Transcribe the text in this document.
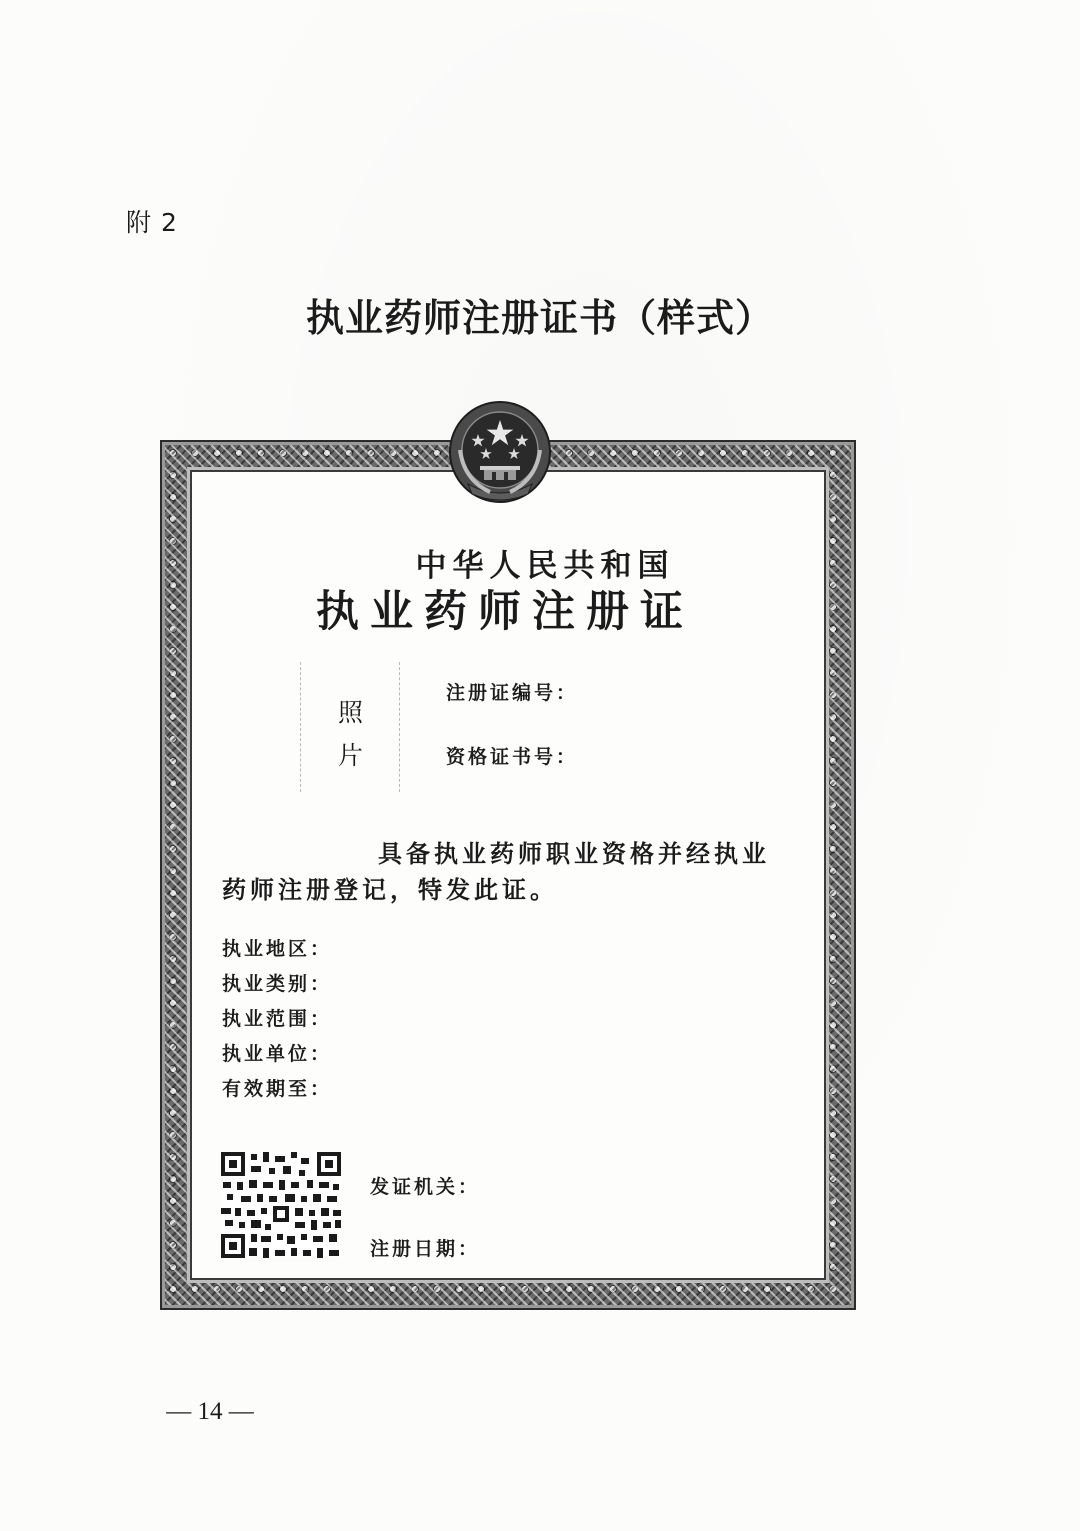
附 2
执业药师注册证书（样式）
中华人民共和国
执业药师注册证
照
片
注册证编号：
资格证书号：
具备执业药师职业资格并经执业
药师注册登记，特发此证。
执业地区：
执业类别：
执业范围：
执业单位：
有效期至：
发证机关：
注册日期：
— 14 —
